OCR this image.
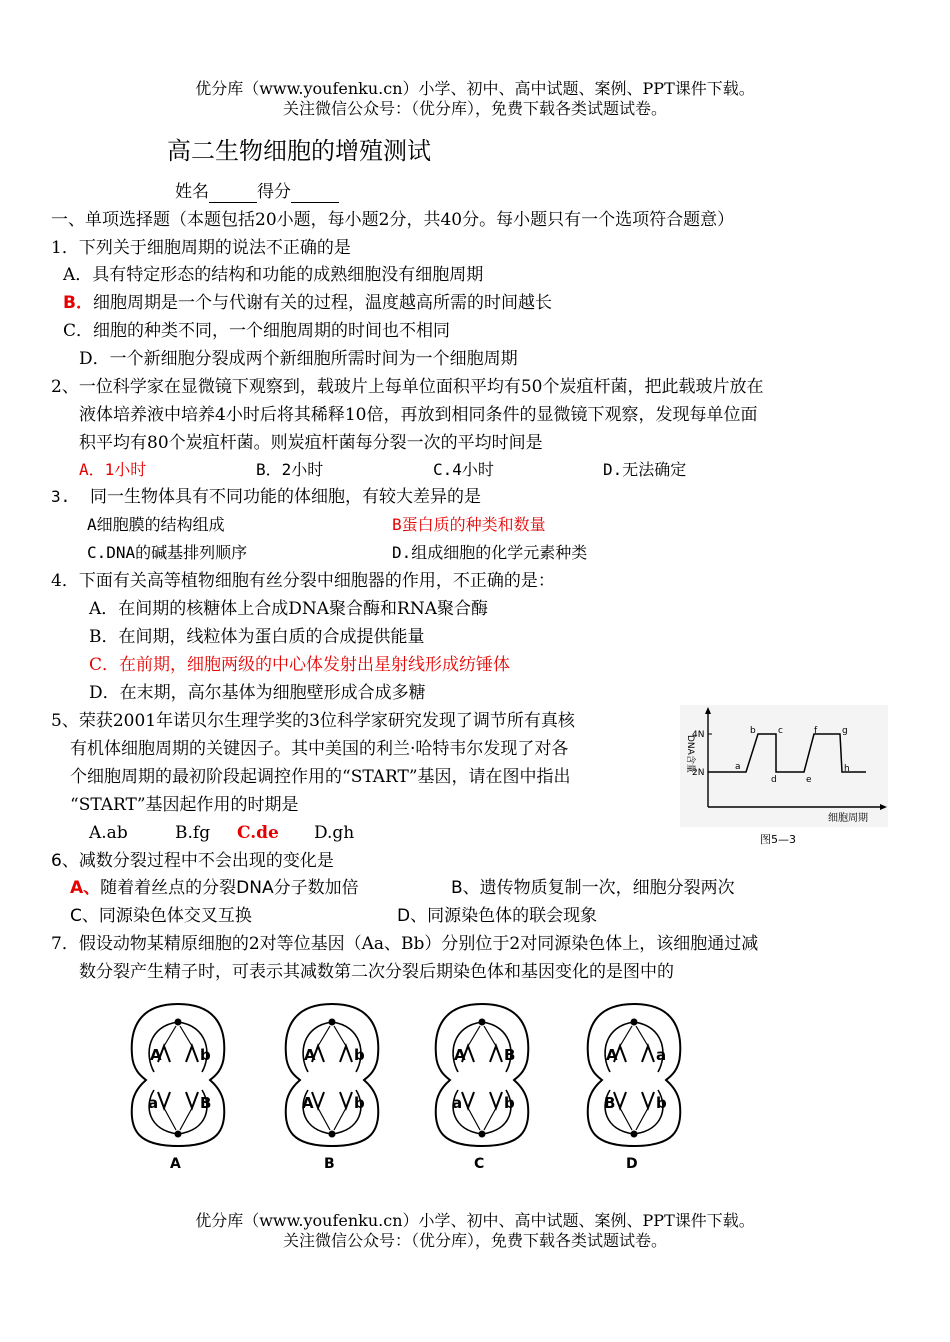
优分库（www.youfenku.cn）小学、初中、高中试题、案例、PPT课件下载。
关注微信公众号：（优分库），免费下载各类试题试卷。
高二生物细胞的增殖测试
姓名	得分
一、单项选择题（本题包括20小题，每小题2分，共40分。每小题只有一个选项符合题意）
1．下列关于细胞周期的说法不正确的是
A．具有特定形态的结构和功能的成熟细胞没有细胞周期
B．细胞周期是一个与代谢有关的过程，温度越高所需的时间越长
C．细胞的种类不同，一个细胞周期的时间也不相同
D．一个新细胞分裂成两个新细胞所需时间为一个细胞周期
2、一位科学家在显微镜下观察到，载玻片上每单位面积平均有50个炭疽杆菌，把此载玻片放在
液体培养液中培养4小时后将其稀释10倍，再放到相同条件的显微镜下观察，发现每单位面
积平均有80个炭疽杆菌。则炭疽杆菌每分裂一次的平均时间是
A．1小时	B．2小时	C.4小时	D.无法确定
3. 同一生物体具有不同功能的体细胞，有较大差异的是
A细胞膜的结构组成	B蛋白质的种类和数量
C.DNA的碱基排列顺序	D.组成细胞的化学元素种类
4．下面有关高等植物细胞有丝分裂中细胞器的作用，不正确的是：
A．在间期的核糖体上合成DNA聚合酶和RNA聚合酶
B．在间期，线粒体为蛋白质的合成提供能量
C．在前期，细胞两级的中心体发射出星射线形成纺锤体
D．在末期，高尔基体为细胞壁形成合成多糖
5、荣获2001年诺贝尔生理学奖的3位科学家研究发现了调节所有真核
有机体细胞周期的关键因子。其中美国的利兰·哈特韦尔发现了对各
个细胞周期的最初阶段起调控作用的“START”基因，请在图中指出
“START”基因起作用的时期是
A.ab	B.fg C.de D.gh
DNA含量
4N
2N
a
b c
d	e
f	g
h
细胞周期
图5—3
6、减数分裂过程中不会出现的变化是
A、随着着丝点的分裂DNA分子数加倍	B、遗传物质复制一次，细胞分裂两次
C、同源染色体交叉互换	D、同源染色体的联会现象
7．假设动物某精原细胞的2对等位基因（Aa、Bb）分别位于2对同源染色体上，该细胞通过减
数分裂产生精子时，可表示其减数第二次分裂后期染色体和基因变化的是图中的
A	b
a	B
A
A	b
A	b
B
A	B
a	b
C
A	a
B	b
D
优分库（www.youfenku.cn）小学、初中、高中试题、案例、PPT课件下载。
关注微信公众号：（优分库），免费下载各类试题试卷。
